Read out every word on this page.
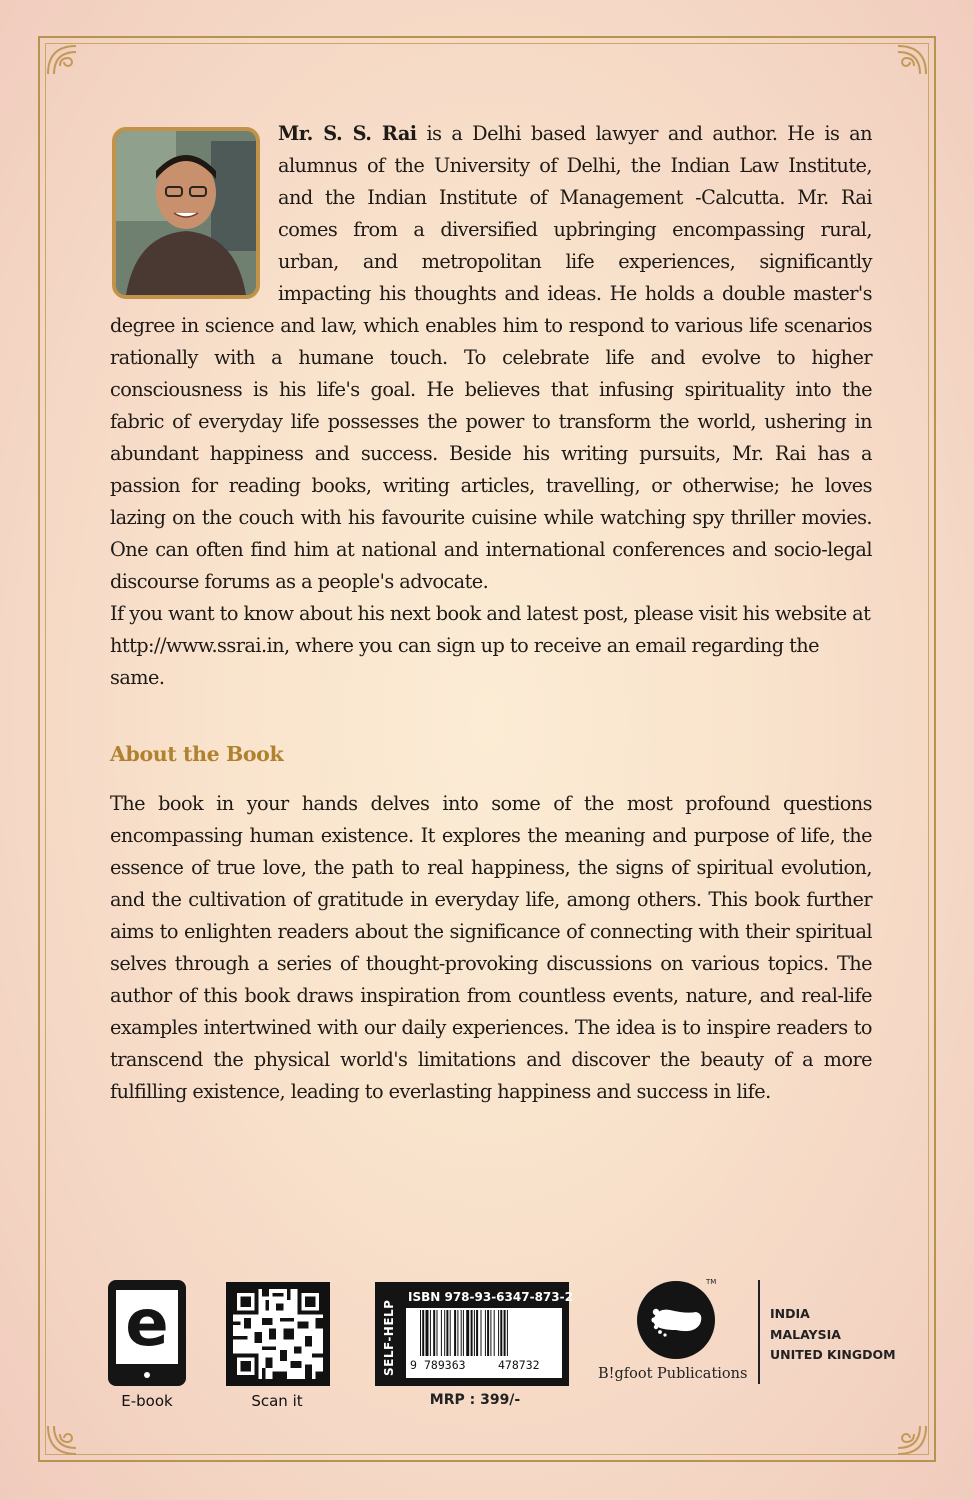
Mr. S. S. Rai is a Delhi based lawyer and author. He is an alumnus of the University of Delhi, the Indian Law Institute, and the Indian Institute of Management -Calcutta. Mr. Rai comes from a diversified upbringing encompassing rural, urban, and metropolitan life experiences, significantly impacting his thoughts and ideas. He holds a double master's degree in science and law, which enables him to respond to various life scenarios rationally with a humane touch. To celebrate life and evolve to higher consciousness is his life's goal. He believes that infusing spirituality into the fabric of everyday life possesses the power to transform the world, ushering in abundant happiness and success. Beside his writing pursuits, Mr. Rai has a passion for reading books, writing articles, travelling, or otherwise; he loves lazing on the couch with his favourite cuisine while watching spy thriller movies. One can often find him at national and international conferences and socio-legal discourse forums as a people's advocate.

If you want to know about his next book and latest post, please visit his website at http://www.ssrai.in, where you can sign up to receive an email regarding the same.

About the Book

The book in your hands delves into some of the most profound questions encompassing human existence. It explores the meaning and purpose of life, the essence of true love, the path to real happiness, the signs of spiritual evolution, and the cultivation of gratitude in everyday life, among others. This book further aims to enlighten readers about the significance of connecting with their spiritual selves through a series of thought-provoking discussions on various topics. The author of this book draws inspiration from countless events, nature, and real-life examples intertwined with our daily experiences. The idea is to inspire readers to transcend the physical world's limitations and discover the beauty of a more fulfilling existence, leading to everlasting happiness and success in life.

e
E-book	Scan it
SELF-HELP
ISBN 978-93-6347-873-2
9 789363	478732
MRP : 399/-
TM
B!gfoot Publications
INDIA
MALAYSIA
UNITED KINGDOM
